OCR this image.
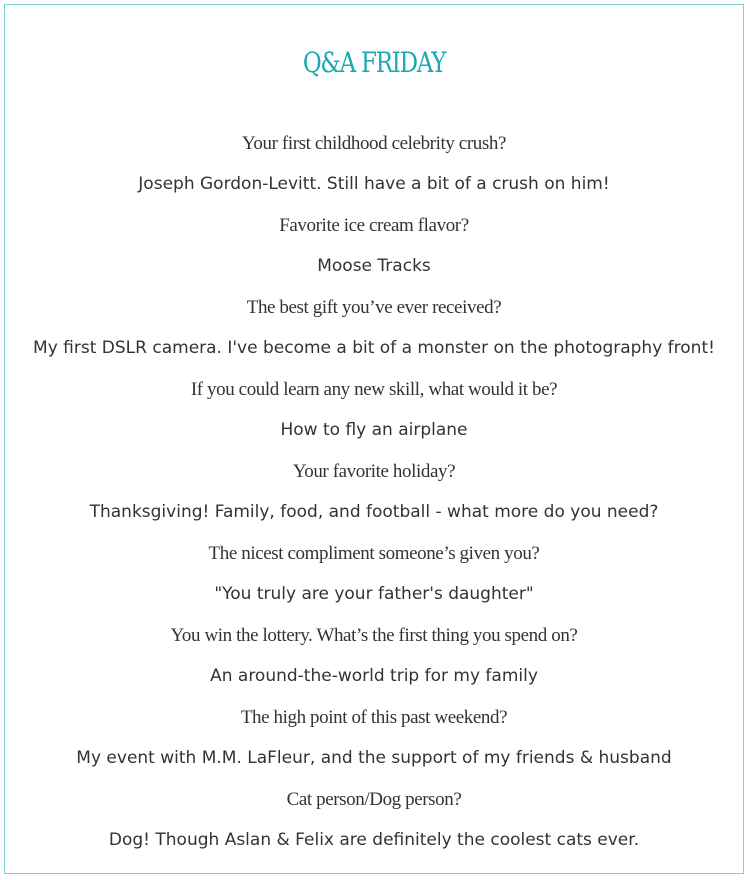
Q&A FRIDAY
Your first childhood celebrity crush?
Joseph Gordon-Levitt. Still have a bit of a crush on him!
Favorite ice cream flavor?
Moose Tracks
The best gift you’ve ever received?
My first DSLR camera. I've become a bit of a monster on the photography front!
If you could learn any new skill, what would it be?
How to fly an airplane
Your favorite holiday?
Thanksgiving! Family, food, and football - what more do you need?
The nicest compliment someone’s given you?
"You truly are your father's daughter"
You win the lottery. What’s the first thing you spend on?
An around-the-world trip for my family
The high point of this past weekend?
My event with M.M. LaFleur, and the support of my friends & husband
Cat person/Dog person?
Dog! Though Aslan & Felix are definitely the coolest cats ever.
